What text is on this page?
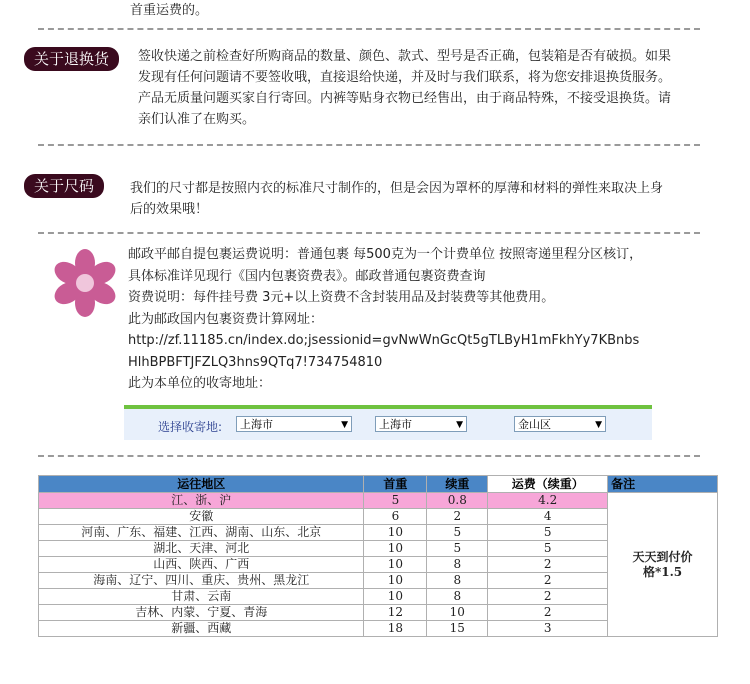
首重运费的。
关于退换货	签收快递之前检查好所购商品的数量、颜色、款式、型号是否正确，包装箱是否有破损。如果
发现有任何问题请不要签收哦，直接退给快递，并及时与我们联系，将为您安排退换货服务。
产品无质量问题买家自行寄回。内裤等贴身衣物已经售出，由于商品特殊，不接受退换货。请
亲们认准了在购买。
关于尺码	我们的尺寸都是按照内衣的标准尺寸制作的，但是会因为罩杯的厚薄和材料的弹性来取决上身
后的效果哦！
邮政平邮自提包裹运费说明：普通包裹 每500克为一个计费单位 按照寄递里程分区核订，
具体标准详见现行《国内包裹资费表》。邮政普通包裹资费查询
资费说明：每件挂号费 3元+以上资费不含封装用品及封装费等其他费用。
此为邮政国内包裹资费计算网址：
http://zf.11185.cn/index.do;jsessionid=gvNwWnGcQt5gTLByH1mFkhYy7KBnbs
HlhBPBFTJFZLQ3hns9QTq7!734754810
此为本单位的收寄地址：
选择收寄地:	上海市	▼	上海市	▼	金山区	▼
运往地区	首重	续重	运费（续重）	备注
江、浙、沪	5	0.8	4.2	天天到付价
格*1.5

安徽	6	2	4	
河南、广东、福建、江西、湖南、山东、北京	10	5	5	
湖北、天津、河北	10	5	5	
山西、陕西、广西	10	8	2	
海南、辽宁、四川、重庆、贵州、黑龙江	10	8	2	
甘肃、云南	10	8	2	
吉林、内蒙、宁夏、青海	12	10	2	
新疆、西藏	18	15	3	
